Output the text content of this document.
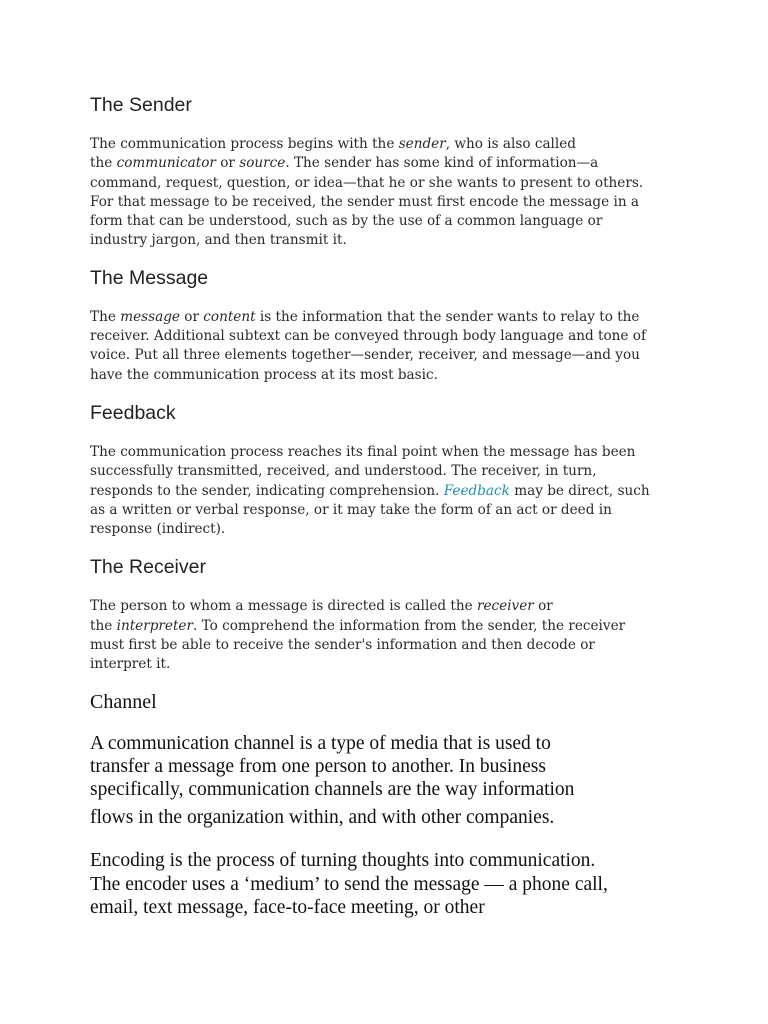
The Sender

The communication process begins with the sender, who is also called
the communicator or source. The sender has some kind of information—a
command, request, question, or idea—that he or she wants to present to others.
For that message to be received, the sender must first encode the message in a
form that can be understood, such as by the use of a common language or
industry jargon, and then transmit it.

The Message

The message or content is the information that the sender wants to relay to the
receiver. Additional subtext can be conveyed through body language and tone of
voice. Put all three elements together—sender, receiver, and message—and you
have the communication process at its most basic.

Feedback

The communication process reaches its final point when the message has been
successfully transmitted, received, and understood. The receiver, in turn,
responds to the sender, indicating comprehension. Feedback may be direct, such
as a written or verbal response, or it may take the form of an act or deed in
response (indirect).

The Receiver

The person to whom a message is directed is called the receiver or
the interpreter. To comprehend the information from the sender, the receiver
must first be able to receive the sender's information and then decode or
interpret it.

Channel

A communication channel is a type of media that is used to
transfer a message from one person to another. In business
specifically, communication channels are the way information
flows in the organization within, and with other companies.

Encoding is the process of turning thoughts into communication.
The encoder uses a ‘medium’ to send the message — a phone call,
email, text message, face-to-face meeting, or other
